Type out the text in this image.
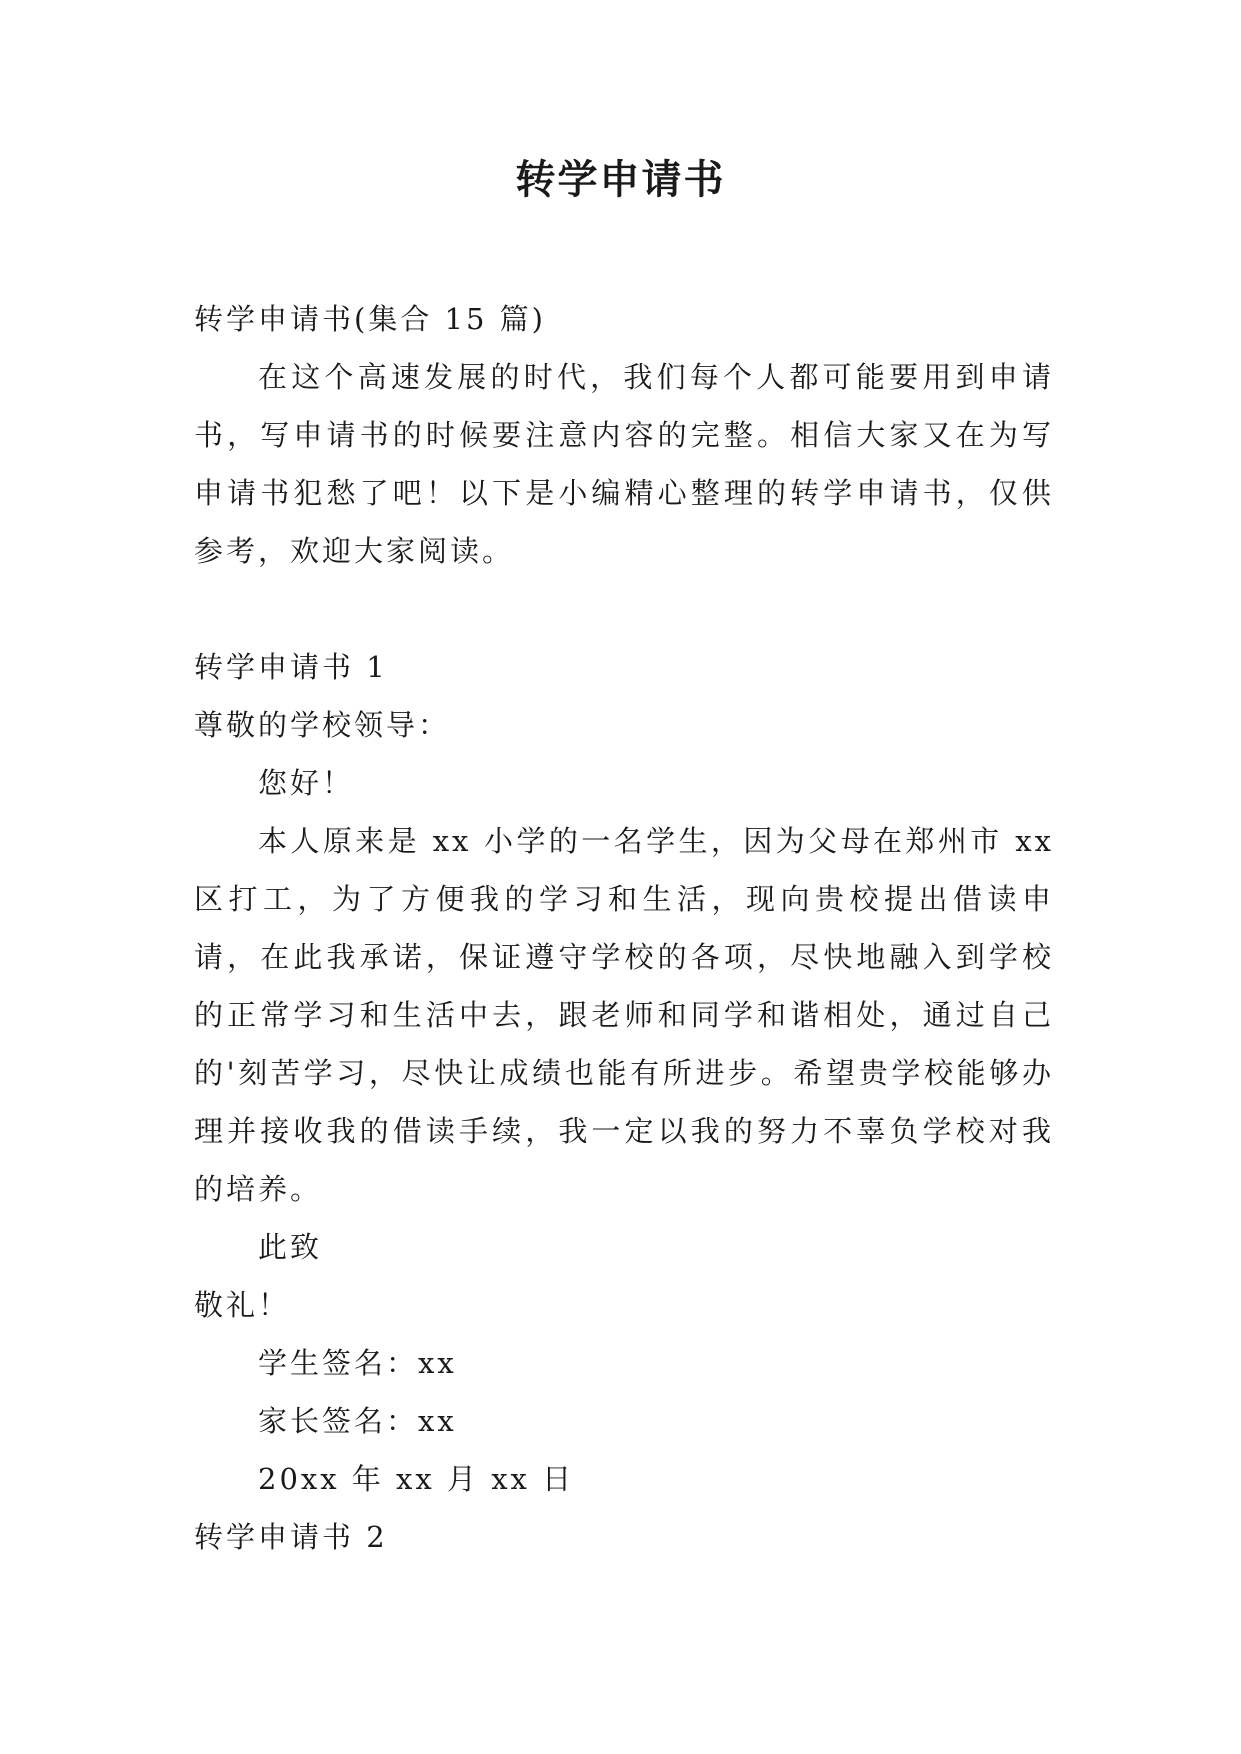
转学申请书

转学申请书(集合 15 篇)

在这个高速发展的时代，我们每个人都可能要用到申请书，写申请书的时候要注意内容的完整。相信大家又在为写申请书犯愁了吧！以下是小编精心整理的转学申请书，仅供参考，欢迎大家阅读。

转学申请书 1

尊敬的学校领导：

您好！

本人原来是 xx 小学的一名学生，因为父母在郑州市 xx 区打工，为了方便我的学习和生活，现向贵校提出借读申请，在此我承诺，保证遵守学校的各项，尽快地融入到学校的正常学习和生活中去，跟老师和同学和谐相处，通过自己的'刻苦学习，尽快让成绩也能有所进步。希望贵学校能够办理并接收我的借读手续，我一定以我的努力不辜负学校对我的培养。

此致

敬礼！

学生签名：xx

家长签名：xx

20xx 年 xx 月 xx 日

转学申请书 2
